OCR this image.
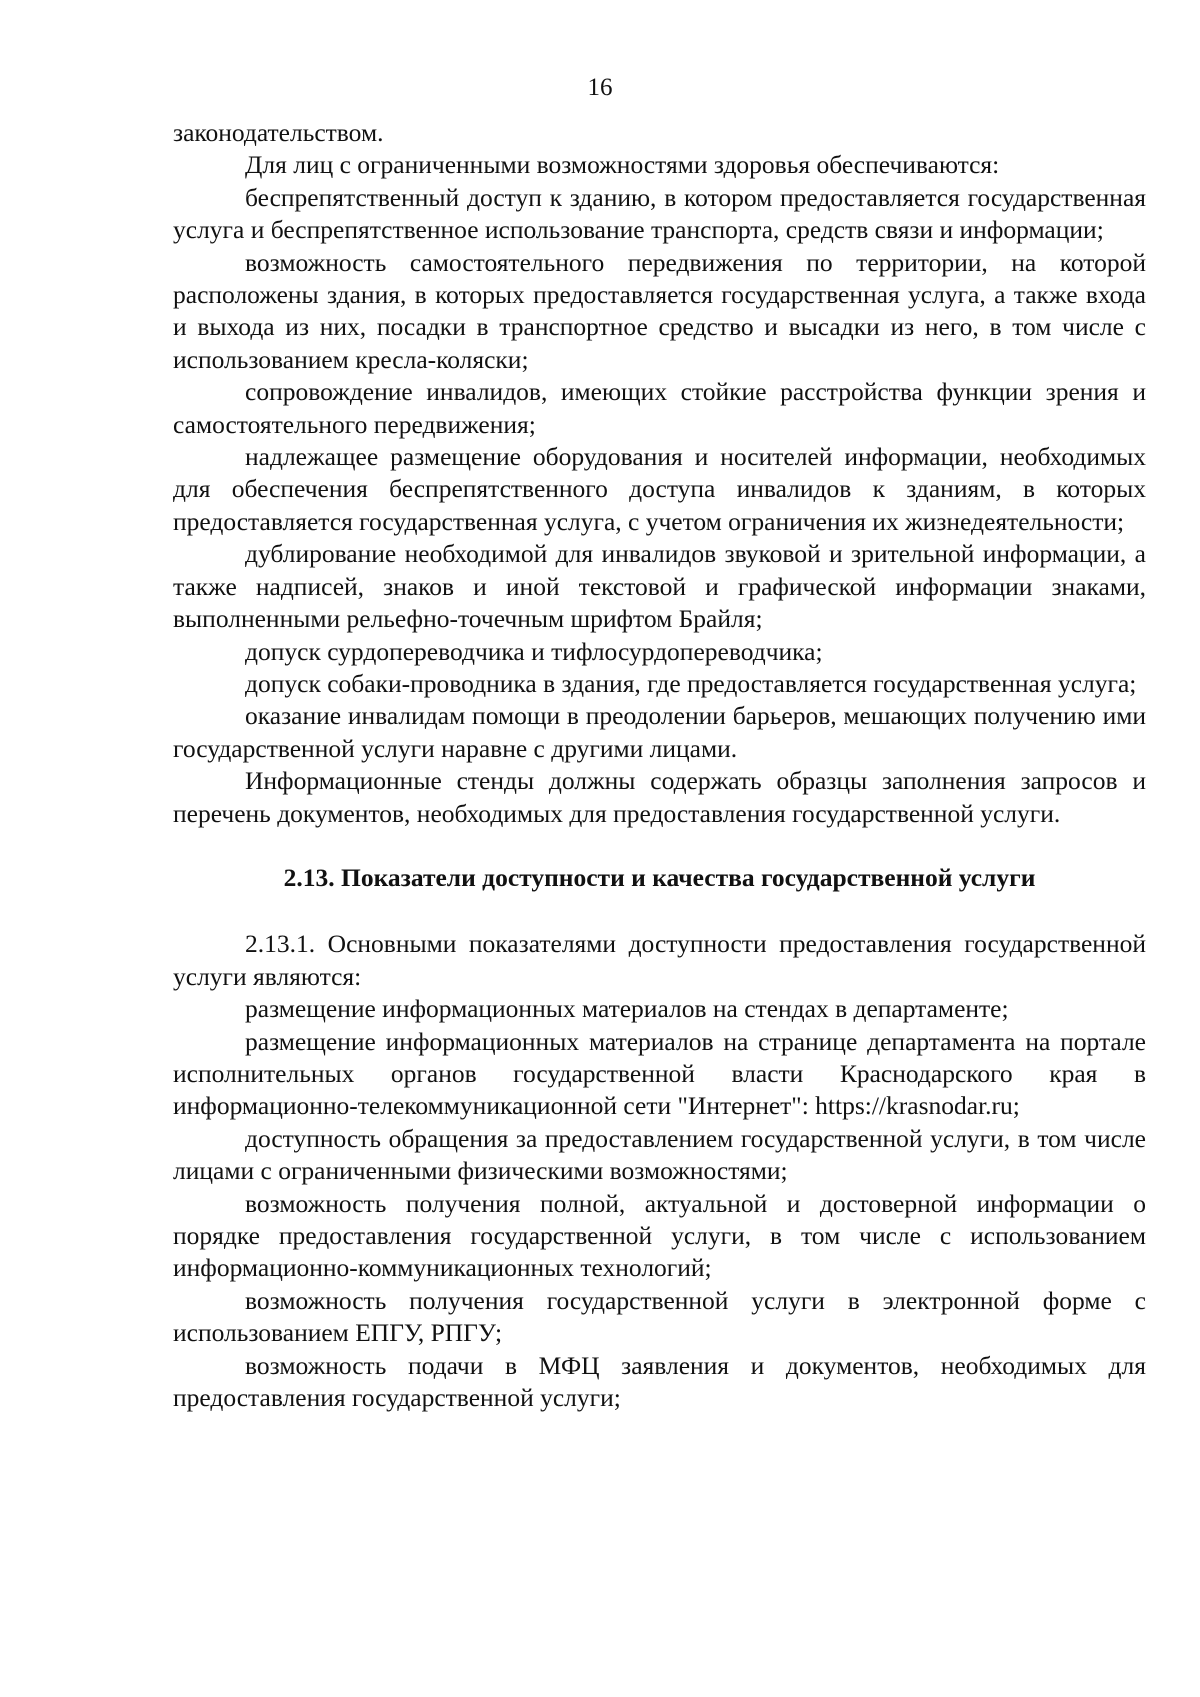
16

законодательством.

Для лиц с ограниченными возможностями здоровья обеспечиваются:

беспрепятственный доступ к зданию, в котором предоставляется государственная услуга и беспрепятственное использование транспорта, средств связи и информации;

возможность самостоятельного передвижения по территории, на которой расположены здания, в которых предоставляется государственная услуга, а также входа и выхода из них, посадки в транспортное средство и высадки из него, в том числе с использованием кресла-коляски;

сопровождение инвалидов, имеющих стойкие расстройства функции зрения и самостоятельного передвижения;

надлежащее размещение оборудования и носителей информации, необходимых для обеспечения беспрепятственного доступа инвалидов к зданиям, в которых предоставляется государственная услуга, с учетом ограничения их жизнедеятельности;

дублирование необходимой для инвалидов звуковой и зрительной информации, а также надписей, знаков и иной текстовой и графической информации знаками, выполненными рельефно-точечным шрифтом Брайля;

допуск сурдопереводчика и тифлосурдопереводчика;

допуск собаки-проводника в здания, где предоставляется государственная услуга;

оказание инвалидам помощи в преодолении барьеров, мешающих получению ими государственной услуги наравне с другими лицами.

Информационные стенды должны содержать образцы заполнения запросов и перечень документов, необходимых для предоставления государственной услуги.

2.13. Показатели доступности и качества государственной услуги

2.13.1. Основными показателями доступности предоставления государственной услуги являются:

размещение информационных материалов на стендах в департаменте;

размещение информационных материалов на странице департамента на портале исполнительных органов государственной власти Краснодарского края в информационно-телекоммуникационной сети "Интернет": https://krasnodar.ru;

доступность обращения за предоставлением государственной услуги, в том числе лицами с ограниченными физическими возможностями;

возможность получения полной, актуальной и достоверной информации о порядке предоставления государственной услуги, в том числе с использованием информационно-коммуникационных технологий;

возможность получения государственной услуги в электронной форме с использованием ЕПГУ, РПГУ;

возможность подачи в МФЦ заявления и документов, необходимых для предоставления государственной услуги;
